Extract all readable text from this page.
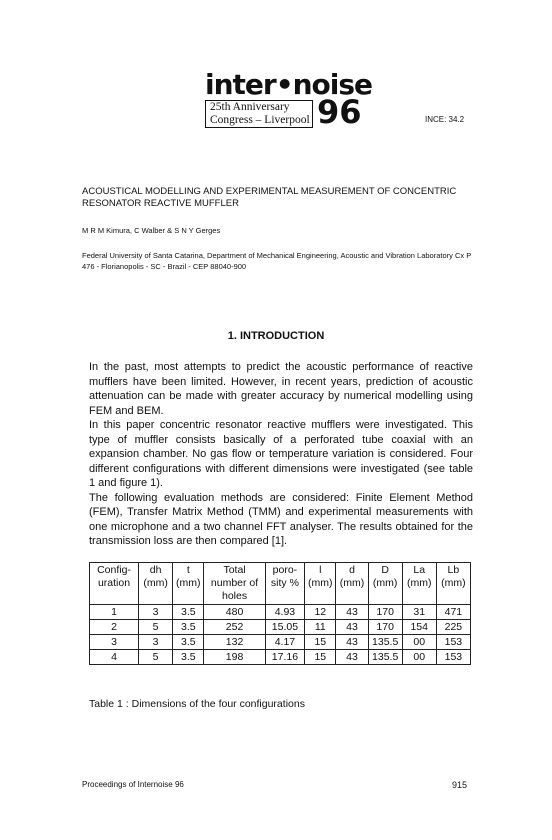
inter•noise
25th Anniversary
Congress – Liverpool 96	INCE: 34.2
ACOUSTICAL MODELLING AND EXPERIMENTAL MEASUREMENT OF CONCENTRIC RESONATOR REACTIVE MUFFLER
M R M Kimura, C Walber & S N Y Gerges
Federal University of Santa Catarina, Department of Mechanical Engineering, Acoustic and Vibration Laboratory Cx P 476 - Florianopolis - SC - Brazil - CEP 88040-900
1. INTRODUCTION

In the past, most attempts to predict the acoustic performance of reactive mufflers have been limited. However, in recent years, prediction of acoustic attenuation can be made with greater accuracy by numerical modelling using FEM and BEM.

In this paper concentric resonator reactive mufflers were investigated. This type of muffler consists basically of a perforated tube coaxial with an expansion chamber. No gas flow or temperature variation is considered. Four different configurations with different dimensions were investigated (see table 1 and figure 1).

The following evaluation methods are considered: Finite Element Method (FEM), Transfer Matrix Method (TMM) and experimental measurements with one microphone and a two channel FFT analyser. The results obtained for the transmission loss are then compared [1].

Config-uration	dh (mm)	t (mm)	Total number of holes	poro-sity %	l (mm)	d (mm)	D (mm)	La (mm)	Lb (mm)
1	3	3.5	480	4.93	12	43	170	31	471
2	5	3.5	252	15.05	11	43	170	154	225
3	3	3.5	132	4.17	15	43	135.5	00	153
4	5	3.5	198	17.16	15	43	135.5	00	153
Table 1 : Dimensions of the four configurations
Proceedings of Internoise 96	915
